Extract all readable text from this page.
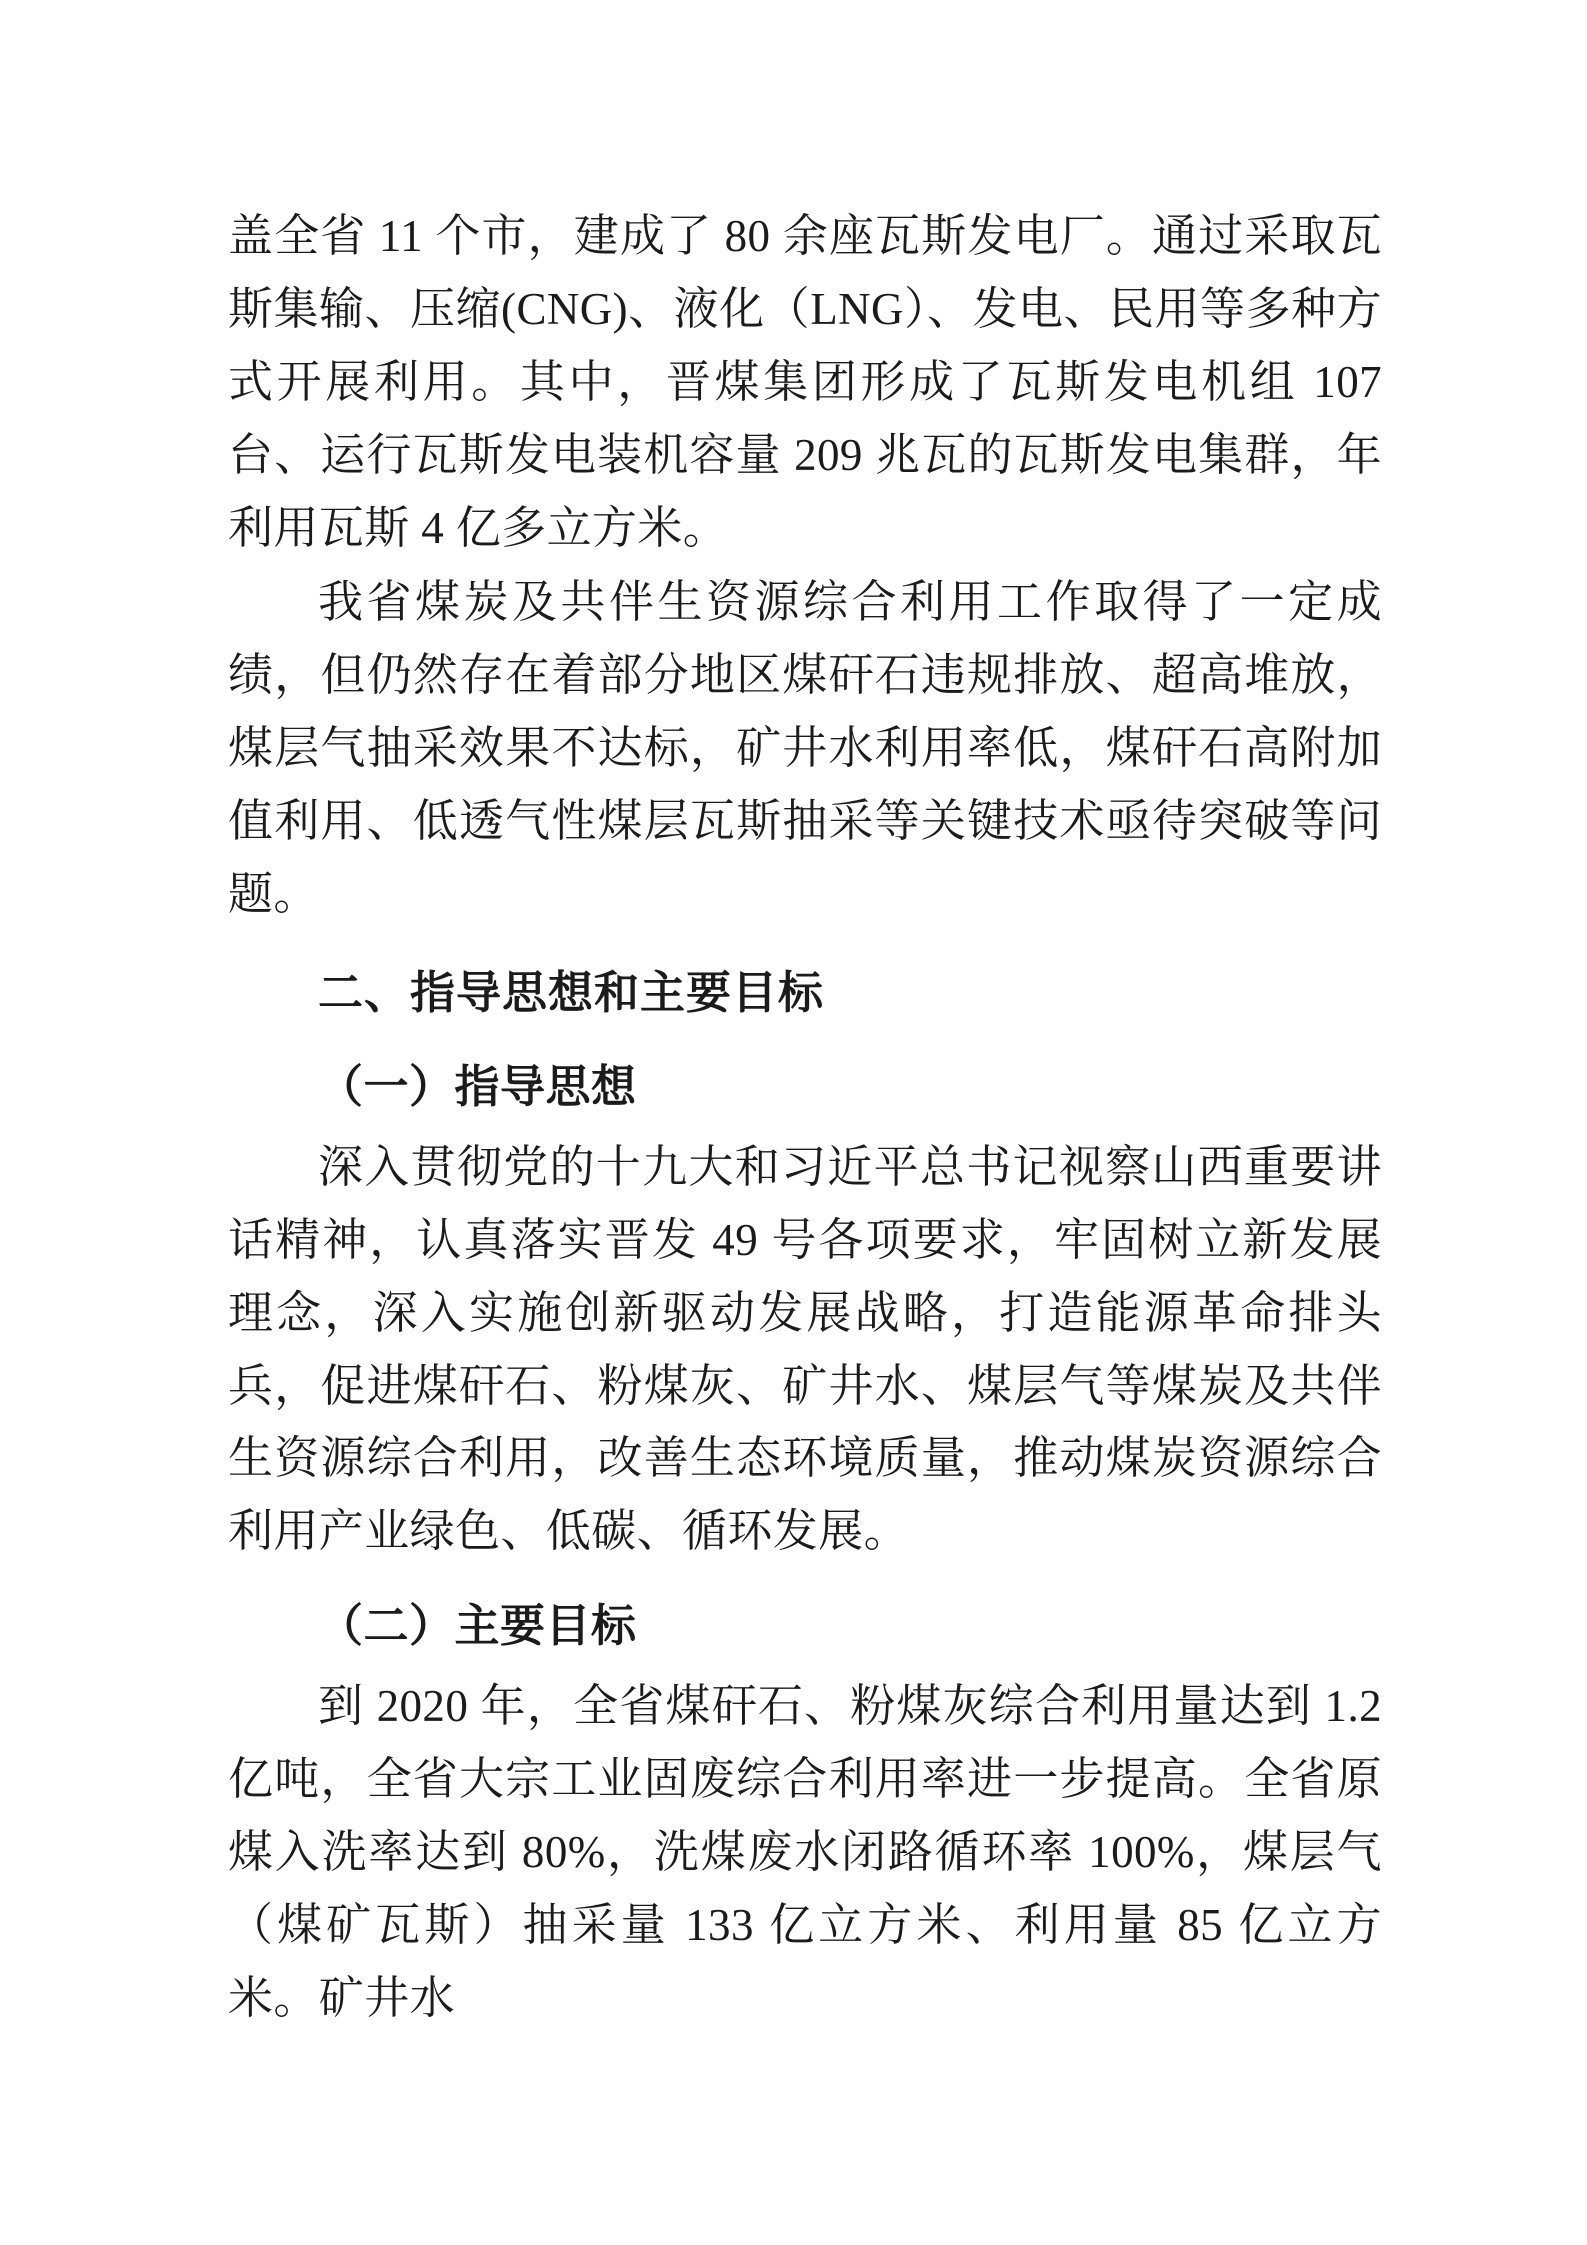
盖全省 11 个市，建成了 80 余座瓦斯发电厂。通过采取瓦斯集输、压缩(CNG)、液化（LNG）、发电、民用等多种方式开展利用。其中，晋煤集团形成了瓦斯发电机组 107 台、运行瓦斯发电装机容量 209 兆瓦的瓦斯发电集群，年利用瓦斯 4 亿多立方米。

我省煤炭及共伴生资源综合利用工作取得了一定成绩，但仍然存在着部分地区煤矸石违规排放、超高堆放，煤层气抽采效果不达标，矿井水利用率低，煤矸石高附加值利用、低透气性煤层瓦斯抽采等关键技术亟待突破等问题。

二、指导思想和主要目标
（一）指导思想

深入贯彻党的十九大和习近平总书记视察山西重要讲话精神，认真落实晋发 49 号各项要求，牢固树立新发展理念，深入实施创新驱动发展战略，打造能源革命排头兵，促进煤矸石、粉煤灰、矿井水、煤层气等煤炭及共伴生资源综合利用，改善生态环境质量，推动煤炭资源综合利用产业绿色、低碳、循环发展。

（二）主要目标

到 2020 年，全省煤矸石、粉煤灰综合利用量达到 1.2 亿吨，全省大宗工业固废综合利用率进一步提高。全省原煤入洗率达到 80%，洗煤废水闭路循环率 100%，煤层气（煤矿瓦斯）抽采量 133 亿立方米、利用量 85 亿立方米。矿井水
